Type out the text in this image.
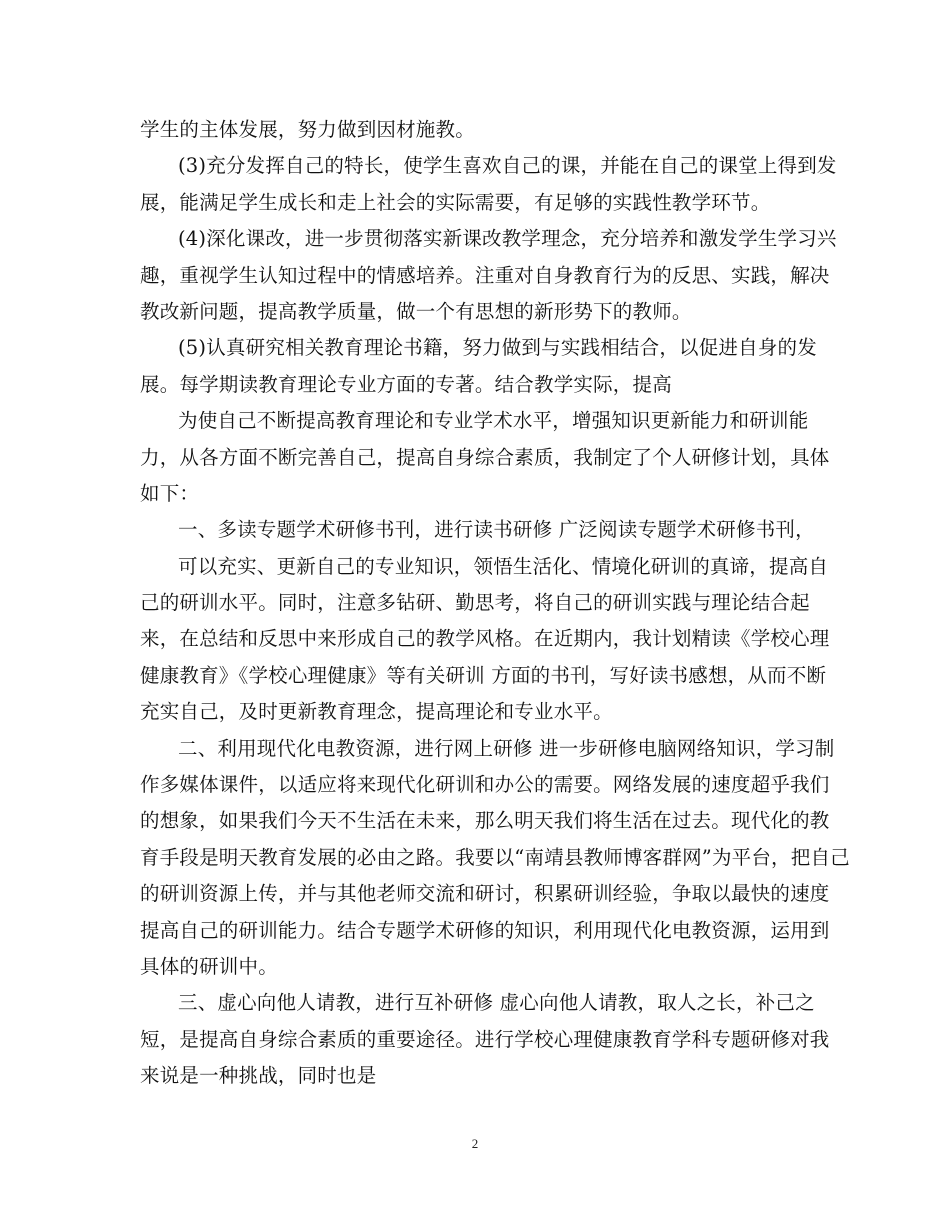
学生的主体发展，努力做到因材施教。
(3)充分发挥自己的特长，使学生喜欢自己的课，并能在自己的课堂上得到发
展，能满足学生成长和走上社会的实际需要，有足够的实践性教学环节。
(4)深化课改，进一步贯彻落实新课改教学理念，充分培养和激发学生学习兴
趣，重视学生认知过程中的情感培养。注重对自身教育行为的反思、实践，解决
教改新问题，提高教学质量，做一个有思想的新形势下的教师。
(5)认真研究相关教育理论书籍，努力做到与实践相结合，以促进自身的发
展。每学期读教育理论专业方面的专著。结合教学实际，提高
为使自己不断提高教育理论和专业学术水平，增强知识更新能力和研训能
力，从各方面不断完善自己，提高自身综合素质，我制定了个人研修计划，具体
如下：
一、多读专题学术研修书刊，进行读书研修 广泛阅读专题学术研修书刊，
可以充实、更新自己的专业知识，领悟生活化、情境化研训的真谛，提高自
己的研训水平。同时，注意多钻研、勤思考，将自己的研训实践与理论结合起
来，在总结和反思中来形成自己的教学风格。在近期内，我计划精读《学校心理
健康教育》《学校心理健康》等有关研训 方面的书刊，写好读书感想，从而不断
充实自己，及时更新教育理念，提高理论和专业水平。
二、利用现代化电教资源，进行网上研修 进一步研修电脑网络知识，学习制
作多媒体课件，以适应将来现代化研训和办公的需要。网络发展的速度超乎我们
的想象，如果我们今天不生活在未来，那么明天我们将生活在过去。现代化的教
育手段是明天教育发展的必由之路。我要以“南靖县教师博客群网”为平台，把自己
的研训资源上传，并与其他老师交流和研讨，积累研训经验，争取以最快的速度
提高自己的研训能力。结合专题学术研修的知识，利用现代化电教资源，运用到
具体的研训中。
三、虚心向他人请教，进行互补研修 虚心向他人请教，取人之长，补己之
短，是提高自身综合素质的重要途径。进行学校心理健康教育学科专题研修对我
来说是一种挑战，同时也是
2
